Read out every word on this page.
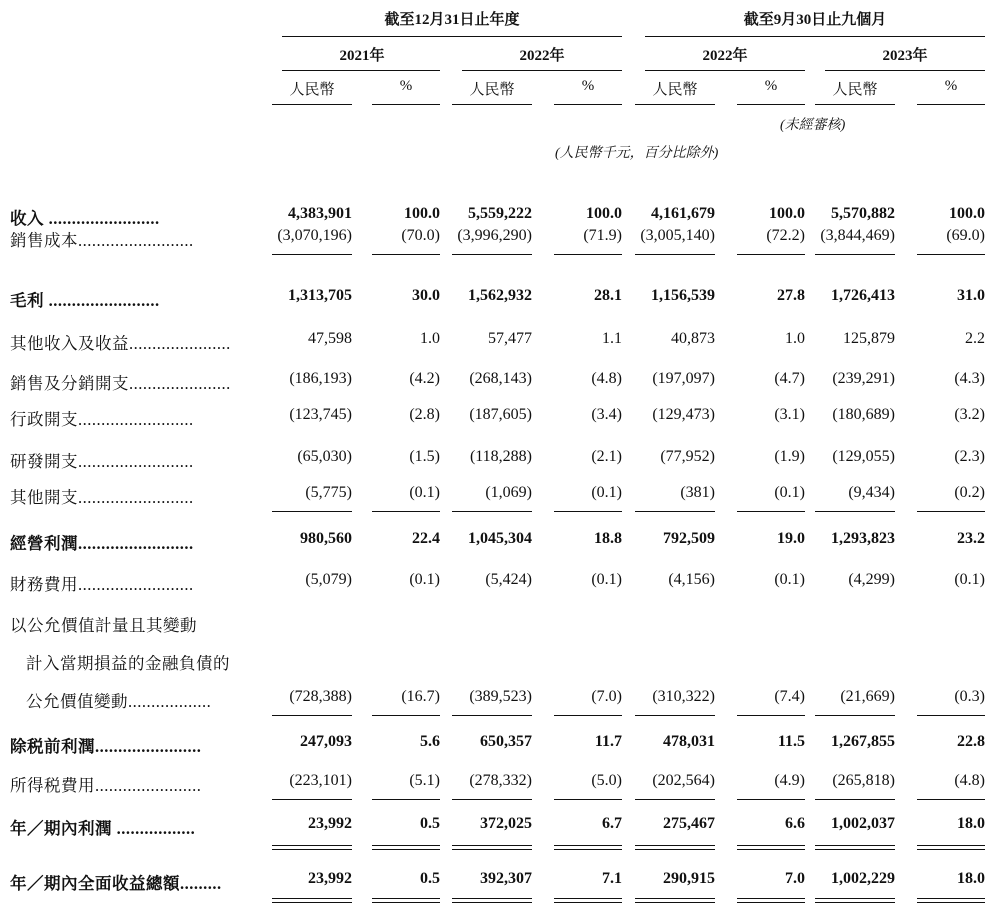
截至12月31日止年度	截至9月30日止九個月
2021年	2022年	2022年	2023年
人民幣	%	人民幣	%	人民幣	%	人民幣	%
(未經審核)
(人民幣千元，百分比除外)
收入 ........................	4,383,901	100.0	5,559,222	100.0	4,161,679	100.0	5,570,882	100.0
銷售成本.........................	(3,070,196)	(70.0)	(3,996,290)	(71.9)	(3,005,140)	(72.2) (3,844,469)	(69.0)
毛利 ........................	1,313,705	30.0	1,562,932	28.1	1,156,539	27.8	1,726,413	31.0
其他收入及收益......................	47,598	1.0	57,477	1.1	40,873	1.0	125,879	2.2
銷售及分銷開支......................	(186,193)	(4.2)	(268,143)	(4.8)	(197,097)	(4.7)	(239,291)	(4.3)
行政開支.........................	(123,745)	(2.8)	(187,605)	(3.4)	(129,473)	(3.1)	(180,689)	(3.2)
研發開支.........................	(65,030)	(1.5)	(118,288)	(2.1)	(77,952)	(1.9)	(129,055)	(2.3)
其他開支.........................	(5,775)	(0.1)	(1,069)	(0.1)	(381)	(0.1)	(9,434)	(0.2)
經營利潤.........................	980,560	22.4	1,045,304	18.8	792,509	19.0	1,293,823	23.2
財務費用.........................	(5,079)	(0.1)	(5,424)	(0.1)	(4,156)	(0.1)	(4,299)	(0.1)
以公允價值計量且其變動
計入當期損益的金融負債的
公允價值變動..................	(728,388)	(16.7)	(389,523)	(7.0)	(310,322)	(7.4)	(21,669)	(0.3)
除税前利潤.......................	247,093	5.6	650,357	11.7	478,031	11.5	1,267,855	22.8
所得税費用.......................	(223,101)	(5.1)	(278,332)	(5.0)	(202,564)	(4.9)	(265,818)	(4.8)
年／期內利潤 .................	23,992	0.5	372,025	6.7	275,467	6.6	1,002,037	18.0
年／期內全面收益總額.........	23,992	0.5	392,307	7.1	290,915	7.0	1,002,229	18.0
